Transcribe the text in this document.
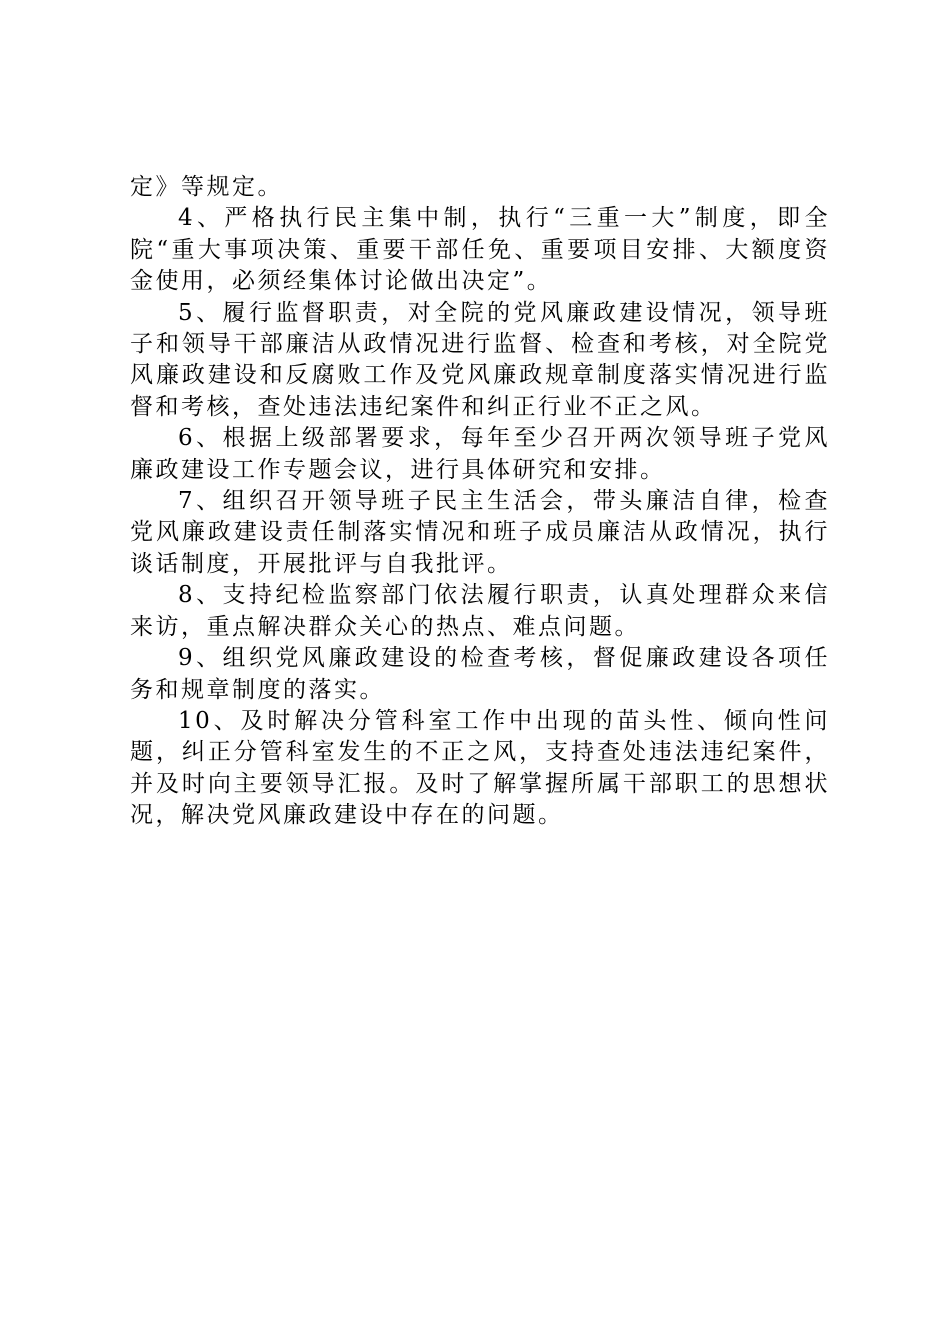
定》等规定。

4、严格执行民主集中制，执行“三重一大”制度，即全院“重大事项决策、重要干部任免、重要项目安排、大额度资金使用，必须经集体讨论做出决定”。

5、履行监督职责，对全院的党风廉政建设情况，领导班子和领导干部廉洁从政情况进行监督、检查和考核，对全院党风廉政建设和反腐败工作及党风廉政规章制度落实情况进行监督和考核，查处违法违纪案件和纠正行业不正之风。

6、根据上级部署要求，每年至少召开两次领导班子党风廉政建设工作专题会议，进行具体研究和安排。

7、组织召开领导班子民主生活会，带头廉洁自律，检查党风廉政建设责任制落实情况和班子成员廉洁从政情况，执行谈话制度，开展批评与自我批评。

8、支持纪检监察部门依法履行职责，认真处理群众来信来访，重点解决群众关心的热点、难点问题。

9、组织党风廉政建设的检查考核，督促廉政建设各项任务和规章制度的落实。

10、及时解决分管科室工作中出现的苗头性、倾向性问题，纠正分管科室发生的不正之风，支持查处违法违纪案件，并及时向主要领导汇报。及时了解掌握所属干部职工的思想状况，解决党风廉政建设中存在的问题。
